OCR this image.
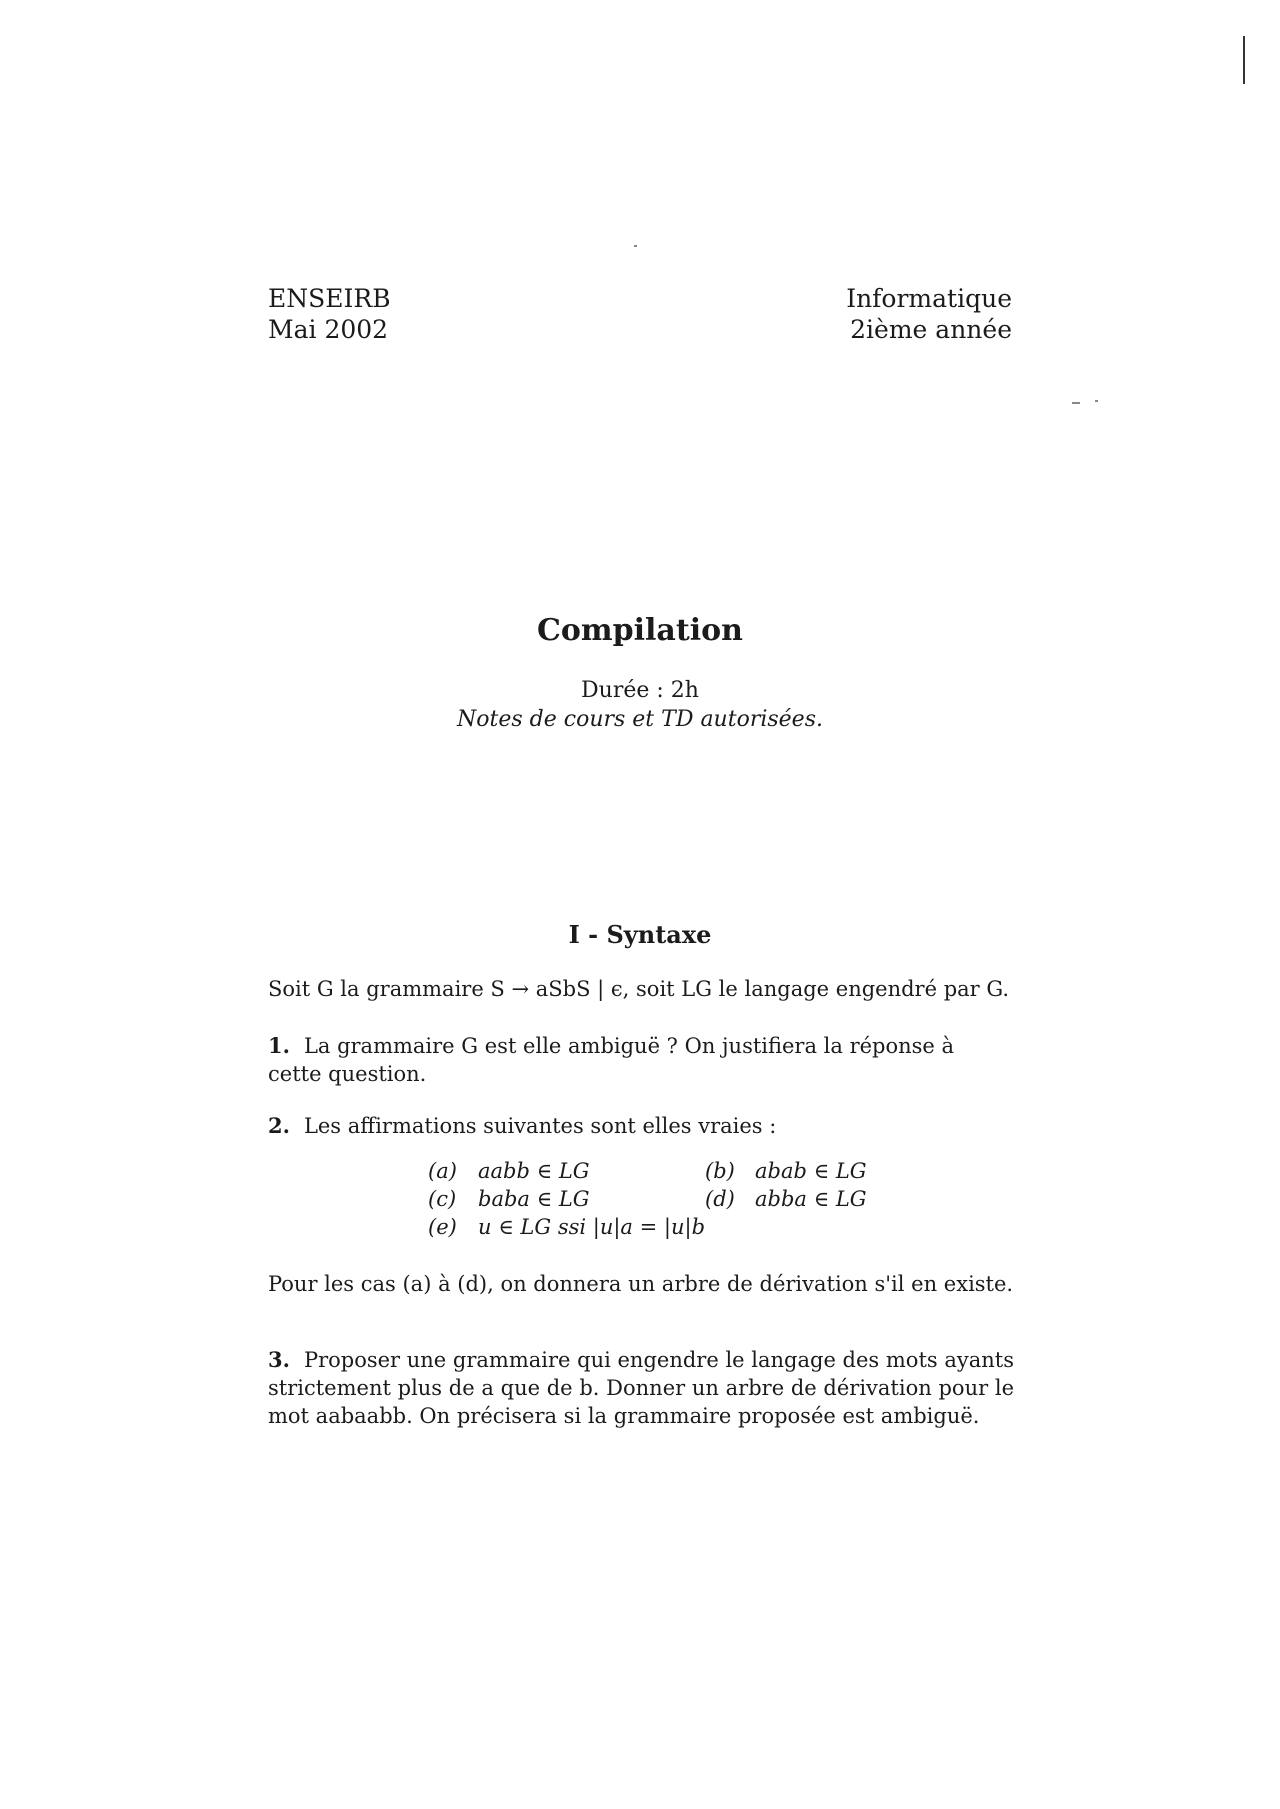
ENSEIRB
Mai 2002
Informatique
2ième année
Compilation
Durée : 2h
Notes de cours et TD autorisées.
I - Syntaxe
Soit G la grammaire S → aSbS | ϵ, soit LG le langage engendré par G.
1. La grammaire G est elle ambiguë ? On justifiera la réponse à cette question.
2. Les affirmations suivantes sont elles vraies :
(a) aabb ∈ LG	(b) abab ∈ LG
(c) baba ∈ LG	(d) abba ∈ LG
(e) u ∈ LG ssi |u|a = |u|b
Pour les cas (a) à (d), on donnera un arbre de dérivation s'il en existe.
3. Proposer une grammaire qui engendre le langage des mots ayants strictement plus de a que de b. Donner un arbre de dérivation pour le mot aabaabb. On précisera si la grammaire proposée est ambiguë.
